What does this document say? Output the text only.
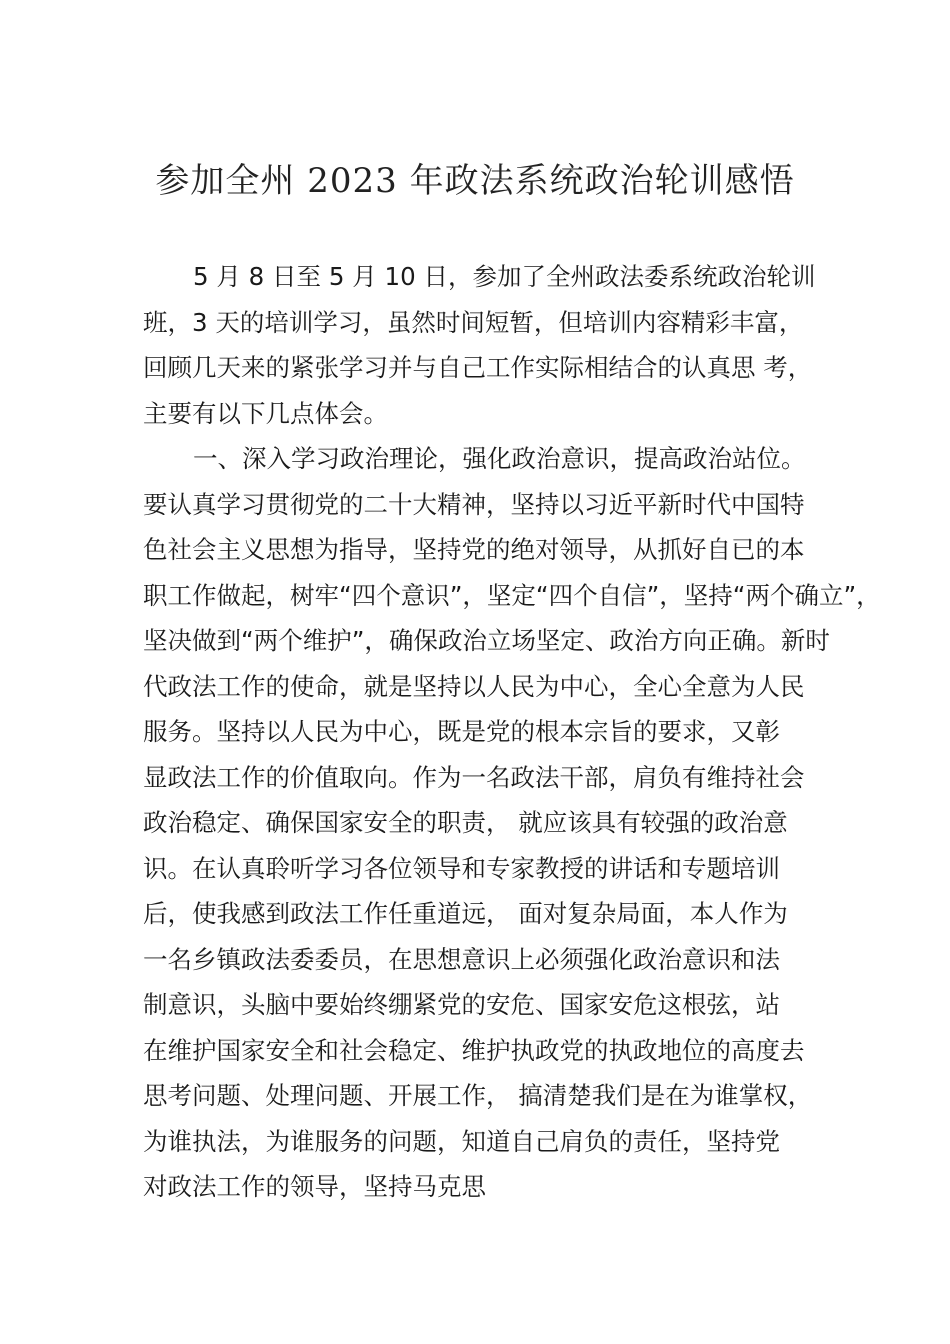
参加全州 2023 年政法系统政治轮训感悟
5 月 8 日至 5 月 10 日，参加了全州政法委系统政治轮训
班，3 天的培训学习，虽然时间短暂，但培训内容精彩丰富，
回顾几天来的紧张学习并与自己工作实际相结合的认真思 考，
主要有以下几点体会。
一、深入学习政治理论，强化政治意识，提高政治站位。
要认真学习贯彻党的二十大精神，坚持以习近平新时代中国特
色社会主义思想为指导，坚持党的绝对领导，从抓好自已的本
职工作做起，树牢“四个意识”，坚定“四个自信”，坚持“两个确立”，
坚决做到“两个维护”，确保政治立场坚定、政治方向正确。新时
代政法工作的使命，就是坚持以人民为中心，全心全意为人民
服务。坚持以人民为中心，既是党的根本宗旨的要求，又彰
显政法工作的价值取向。作为一名政法干部，肩负有维持社会
政治稳定、确保国家安全的职责， 就应该具有较强的政治意
识。在认真聆听学习各位领导和专家教授的讲话和专题培训
后，使我感到政法工作任重道远， 面对复杂局面，本人作为
一名乡镇政法委委员，在思想意识上必须强化政治意识和法
制意识，头脑中要始终绷紧党的安危、国家安危这根弦，站
在维护国家安全和社会稳定、维护执政党的执政地位的高度去
思考问题、处理问题、开展工作， 搞清楚我们是在为谁掌权，
为谁执法，为谁服务的问题，知道自己肩负的责任，坚持党
对政法工作的领导，坚持马克思
